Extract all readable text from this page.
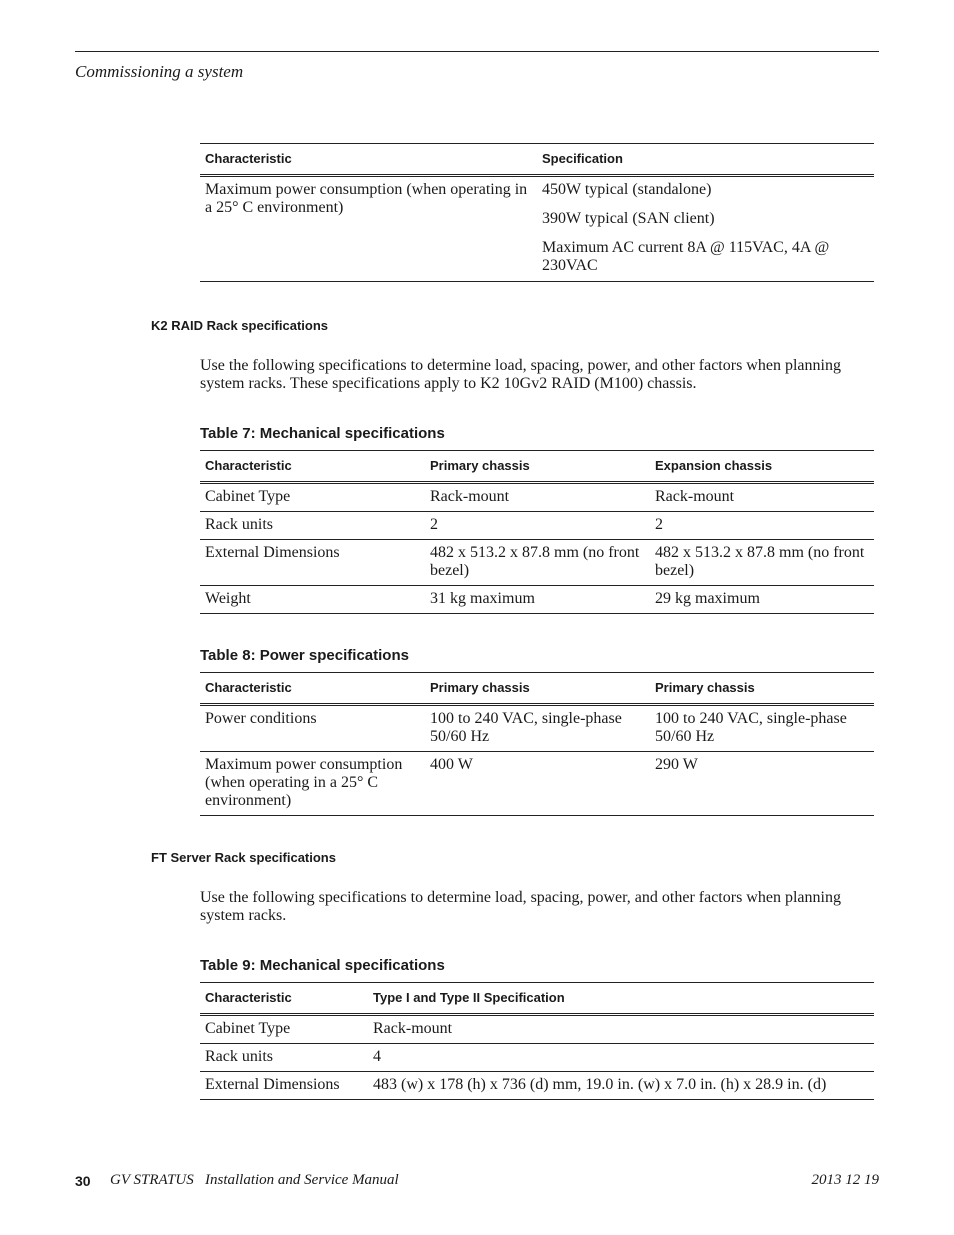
Commissioning a system
Characteristic	Specification
Maximum power consumption (when operating in a 25° C environment)	450W typical (standalone)
390W typical (SAN client)
Maximum AC current 8A @ 115VAC, 4A @ 230VAC
K2 RAID Rack specifications
Use the following specifications to determine load, spacing, power, and other factors when planning system racks. These specifications apply to K2 10Gv2 RAID (M100) chassis.
Table 7: Mechanical specifications
Characteristic	Primary chassis	Expansion chassis
Cabinet Type	Rack-mount	Rack-mount
Rack units	2	2
External Dimensions	482 x 513.2 x 87.8 mm (no front bezel)	482 x 513.2 x 87.8 mm (no front bezel)
Weight	31 kg maximum	29 kg maximum
Table 8: Power specifications
Characteristic	Primary chassis	Primary chassis
Power conditions	100 to 240 VAC, single-phase 50/60 Hz	100 to 240 VAC, single-phase 50/60 Hz
Maximum power consumption (when operating in a 25° C environment)	400 W	290 W
FT Server Rack specifications
Use the following specifications to determine load, spacing, power, and other factors when planning system racks.
Table 9: Mechanical specifications
Characteristic	Type I and Type II Specification
Cabinet Type	Rack-mount
Rack units	4
External Dimensions	483 (w) x 178 (h) x 736 (d) mm, 19.0 in. (w) x 7.0 in. (h) x 28.9 in. (d)
30 GV STRATUS   Installation and Service Manual	2013 12 19
